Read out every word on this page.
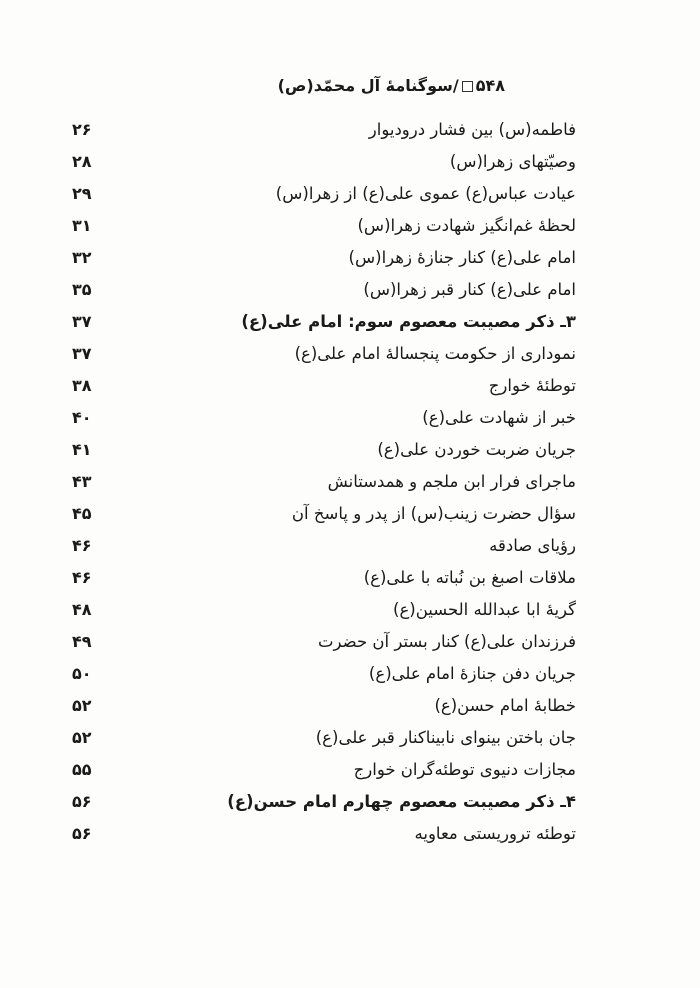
۵۴۸/سوگنامهٔ آل محمّد(ص)
فاطمه(س) بین فشار درودیوار
۲۶
وصیّتهای زهرا(س)
۲۸
عیادت عباس(ع) عموی علی(ع) از زهرا(س)
۲۹
لحظهٔ غم‌انگیز شهادت زهرا(س)
۳۱
امام علی(ع) کنار جنازهٔ زهرا(س)
۳۲
امام علی(ع) کنار قبر زهرا(س)
۳۵
۳ـ ذکر مصیبت معصوم سوم: امام علی(ع)
۳۷
نموداری از حکومت پنجسالهٔ امام علی(ع)
۳۷
توطئهٔ خوارج
۳۸
خبر از شهادت علی(ع)
۴۰
جریان ضربت خوردن علی(ع)
۴۱
ماجرای فرار ابن ملجم و همدستانش
۴۳
سؤال حضرت زینب(س) از پدر و پاسخ آن
۴۵
رؤیای صادقه
۴۶
ملاقات اصبغ بن نُباته با علی(ع)
۴۶
گریهٔ ابا عبدالله الحسین(ع)
۴۸
فرزندان علی(ع) کنار بستر آن حضرت
۴۹
جریان دفن جنازهٔ امام علی(ع)
۵۰
خطابهٔ امام حسن(ع)
۵۲
جان باختن بینوای نابیناکنار قبر علی(ع)
۵۲
مجازات دنیوی توطئه‌گران خوارج
۵۵
۴ـ ذکر مصیبت معصوم چهارم امام حسن(ع)
۵۶
توطئه تروریستی معاویه
۵۶
